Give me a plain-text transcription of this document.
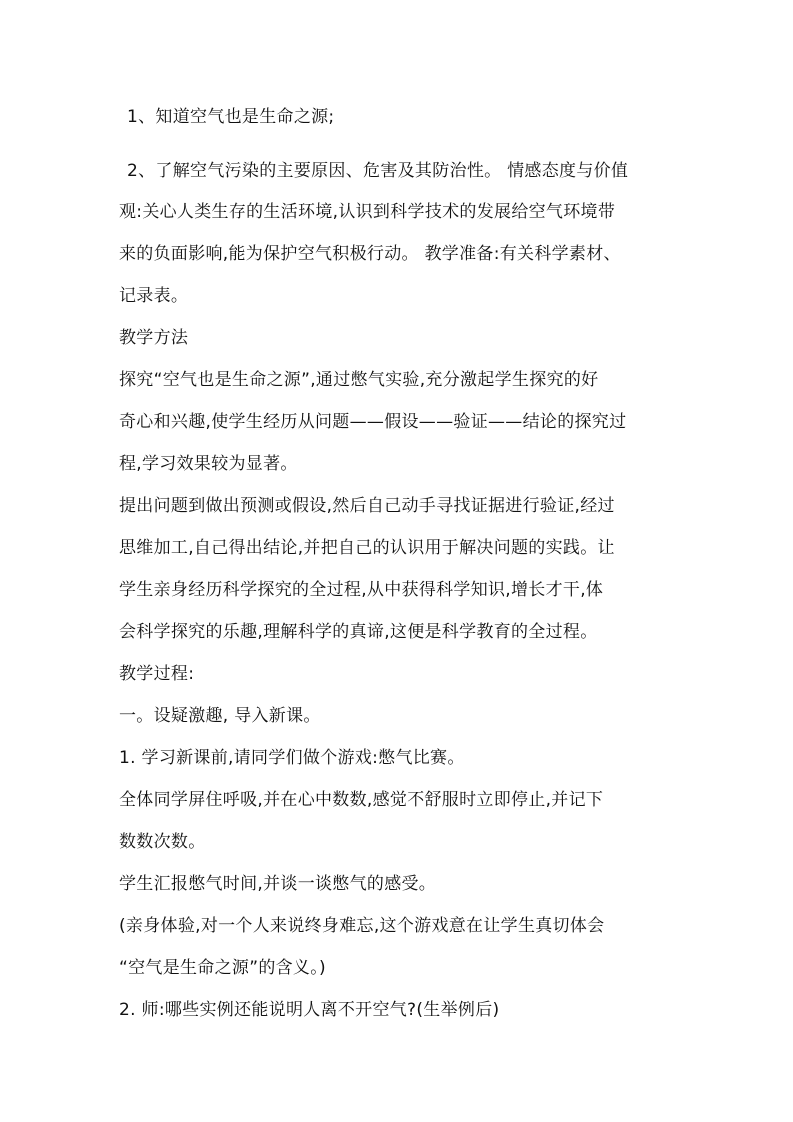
1、知道空气也是生命之源;
2、了解空气污染的主要原因、危害及其防治性。 情感态度与价值
观:关心人类生存的生活环境,认识到科学技术的发展给空气环境带
来的负面影响,能为保护空气积极行动。 教学准备:有关科学素材、
记录表。
教学方法
探究“空气也是生命之源”,通过憋气实验,充分激起学生探究的好
奇心和兴趣,使学生经历从问题——假设——验证——结论的探究过
程,学习效果较为显著。
提出问题到做出预测或假设,然后自己动手寻找证据进行验证,经过
思维加工,自己得出结论,并把自己的认识用于解决问题的实践。让
学生亲身经历科学探究的全过程,从中获得科学知识,增长才干,体
会科学探究的乐趣,理解科学的真谛,这便是科学教育的全过程。
教学过程:
一。设疑激趣, 导入新课。
1. 学习新课前,请同学们做个游戏:憋气比赛。
全体同学屏住呼吸,并在心中数数,感觉不舒服时立即停止,并记下
数数次数。
学生汇报憋气时间,并谈一谈憋气的感受。
(亲身体验,对一个人来说终身难忘,这个游戏意在让学生真切体会
“空气是生命之源”的含义。)
2. 师:哪些实例还能说明人离不开空气?(生举例后)
